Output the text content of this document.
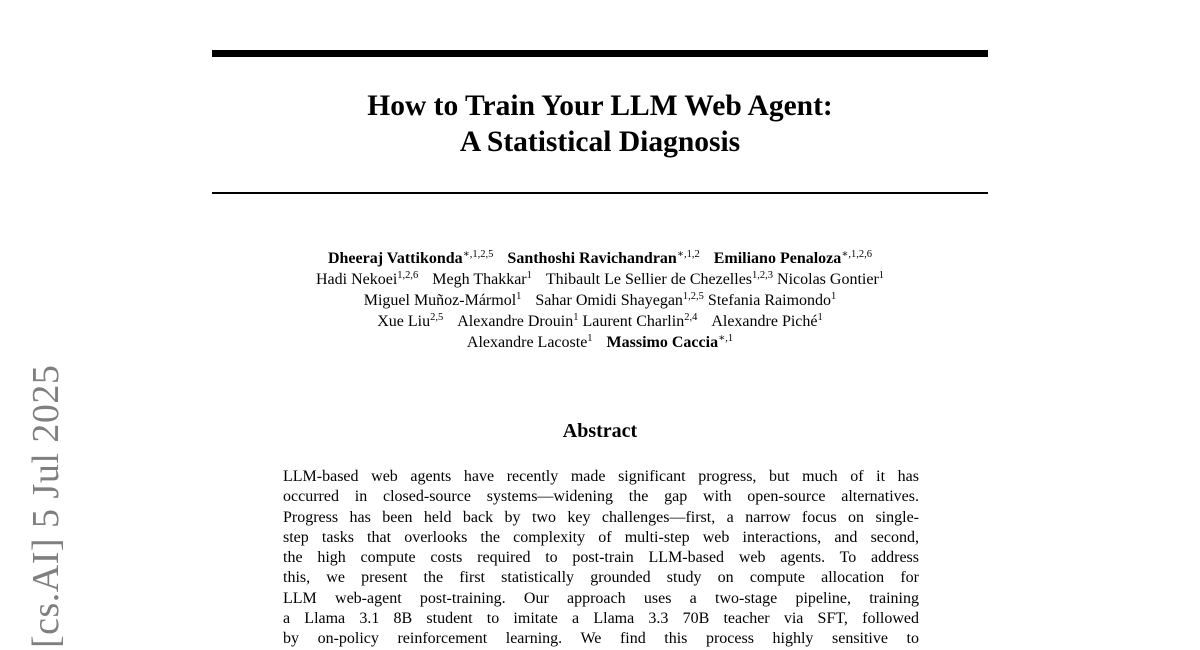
[cs.AI] 5 Jul 2025
How to Train Your LLM Web Agent:
A Statistical Diagnosis
Dheeraj Vattikonda$^{∗,1,2,5}$ Santhoshi Ravichandran$^{∗,1,2}$ Emiliano Penaloza$^{∗,1,2,6}$
Hadi Nekoei$^{1,2,6}$ Megh Thakkar$^1$ Thibault Le Sellier de Chezelles$^{1,2,3}$ Nicolas Gontier$^1$
Miguel Muñoz-Mármol$^1$ Sahar Omidi Shayegan$^{1,2,5}$ Stefania Raimondo$^1$
Xue Liu$^{2,5}$ Alexandre Drouin$^1$ Laurent Charlin$^{2,4}$ Alexandre Piché$^1$
Alexandre Lacoste$^1$ Massimo Caccia$^{∗,1}$
Abstract
LLM-based web agents have recently made significant progress, but much of it has
occurred in closed-source systems—widening the gap with open-source alternatives.
Progress has been held back by two key challenges—first, a narrow focus on single-
step tasks that overlooks the complexity of multi-step web interactions, and second,
the high compute costs required to post-train LLM-based web agents. To address
this, we present the first statistically grounded study on compute allocation for
LLM web-agent post-training. Our approach uses a two-stage pipeline, training
a Llama 3.1 8B student to imitate a Llama 3.3 70B teacher via SFT, followed
by on-policy reinforcement learning. We find this process highly sensitive to
